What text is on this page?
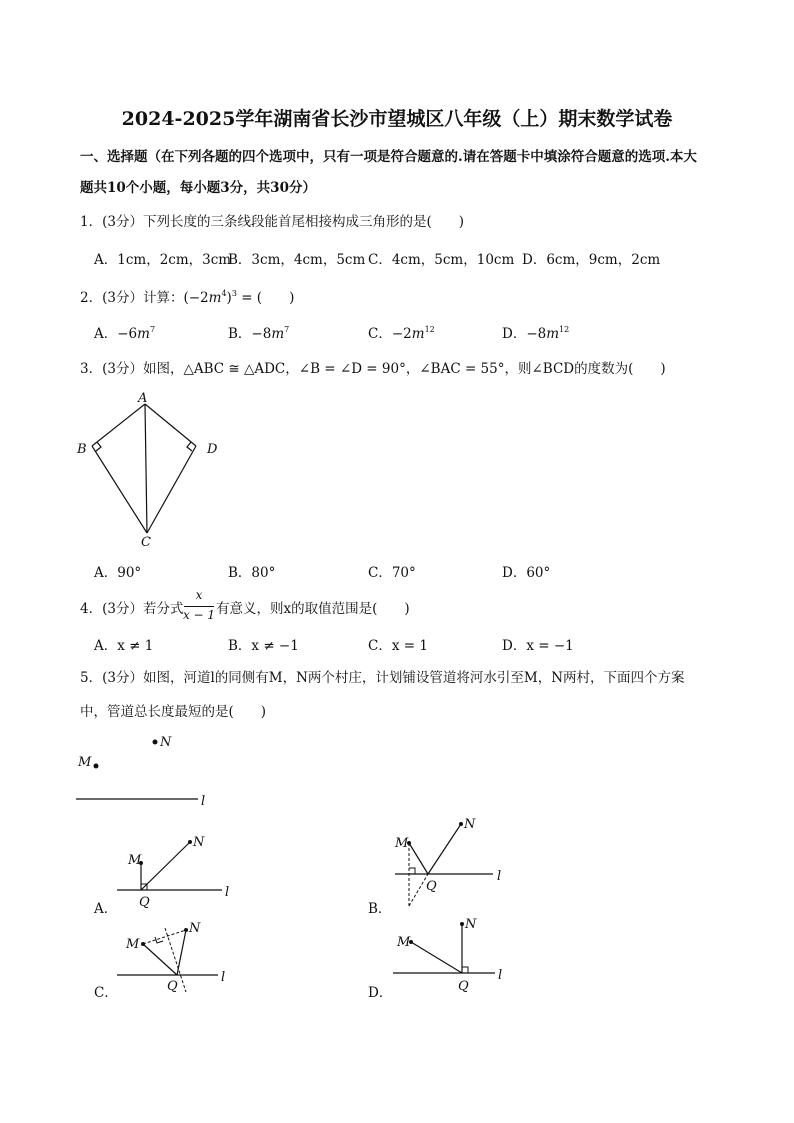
2024-2025学年湖南省长沙市望城区八年级（上）期末数学试卷
一、选择题（在下列各题的四个选项中，只有一项是符合题意的.请在答题卡中填涂符合题意的选项.本大
题共10个小题，每小题3分，共30分）
1．(3分）下列长度的三条线段能首尾相接构成三角形的是(　　)
A．1cm，2cm，3cm
B．3cm，4cm，5cm C．4cm，5cm，10cm D．6cm，9cm，2cm
2．(3分）计算：$(-2m^4)^3$ = (　　)
A．$-6m^7$	B．$-8m^7$	C．$-2m^{12}$	D．$-8m^{12}$
3．(3分）如图，△ABC ≅ △ADC，∠B = ∠D = 90°，∠BAC = 55°，则∠BCD的度数为(　　)
A
B	D
C
A．90°	B．80°	C．70°	D．60°
4．(3分）若分式
x
x − 1 有意义，则x的取值范围是(　　)
A．x ≠ 1	B．x ≠ −1	C．x = 1	D．x = −1
5．(3分）如图，河道l的同侧有M，N两个村庄，计划铺设管道将河水引至M，N两村，下面四个方案
中，管道总长度最短的是(　　)
N
M
l
M
N
Q
l
M
N
Q
l
M
N
Q
l
M
N
Q
l
A．	B．
C．	D．
